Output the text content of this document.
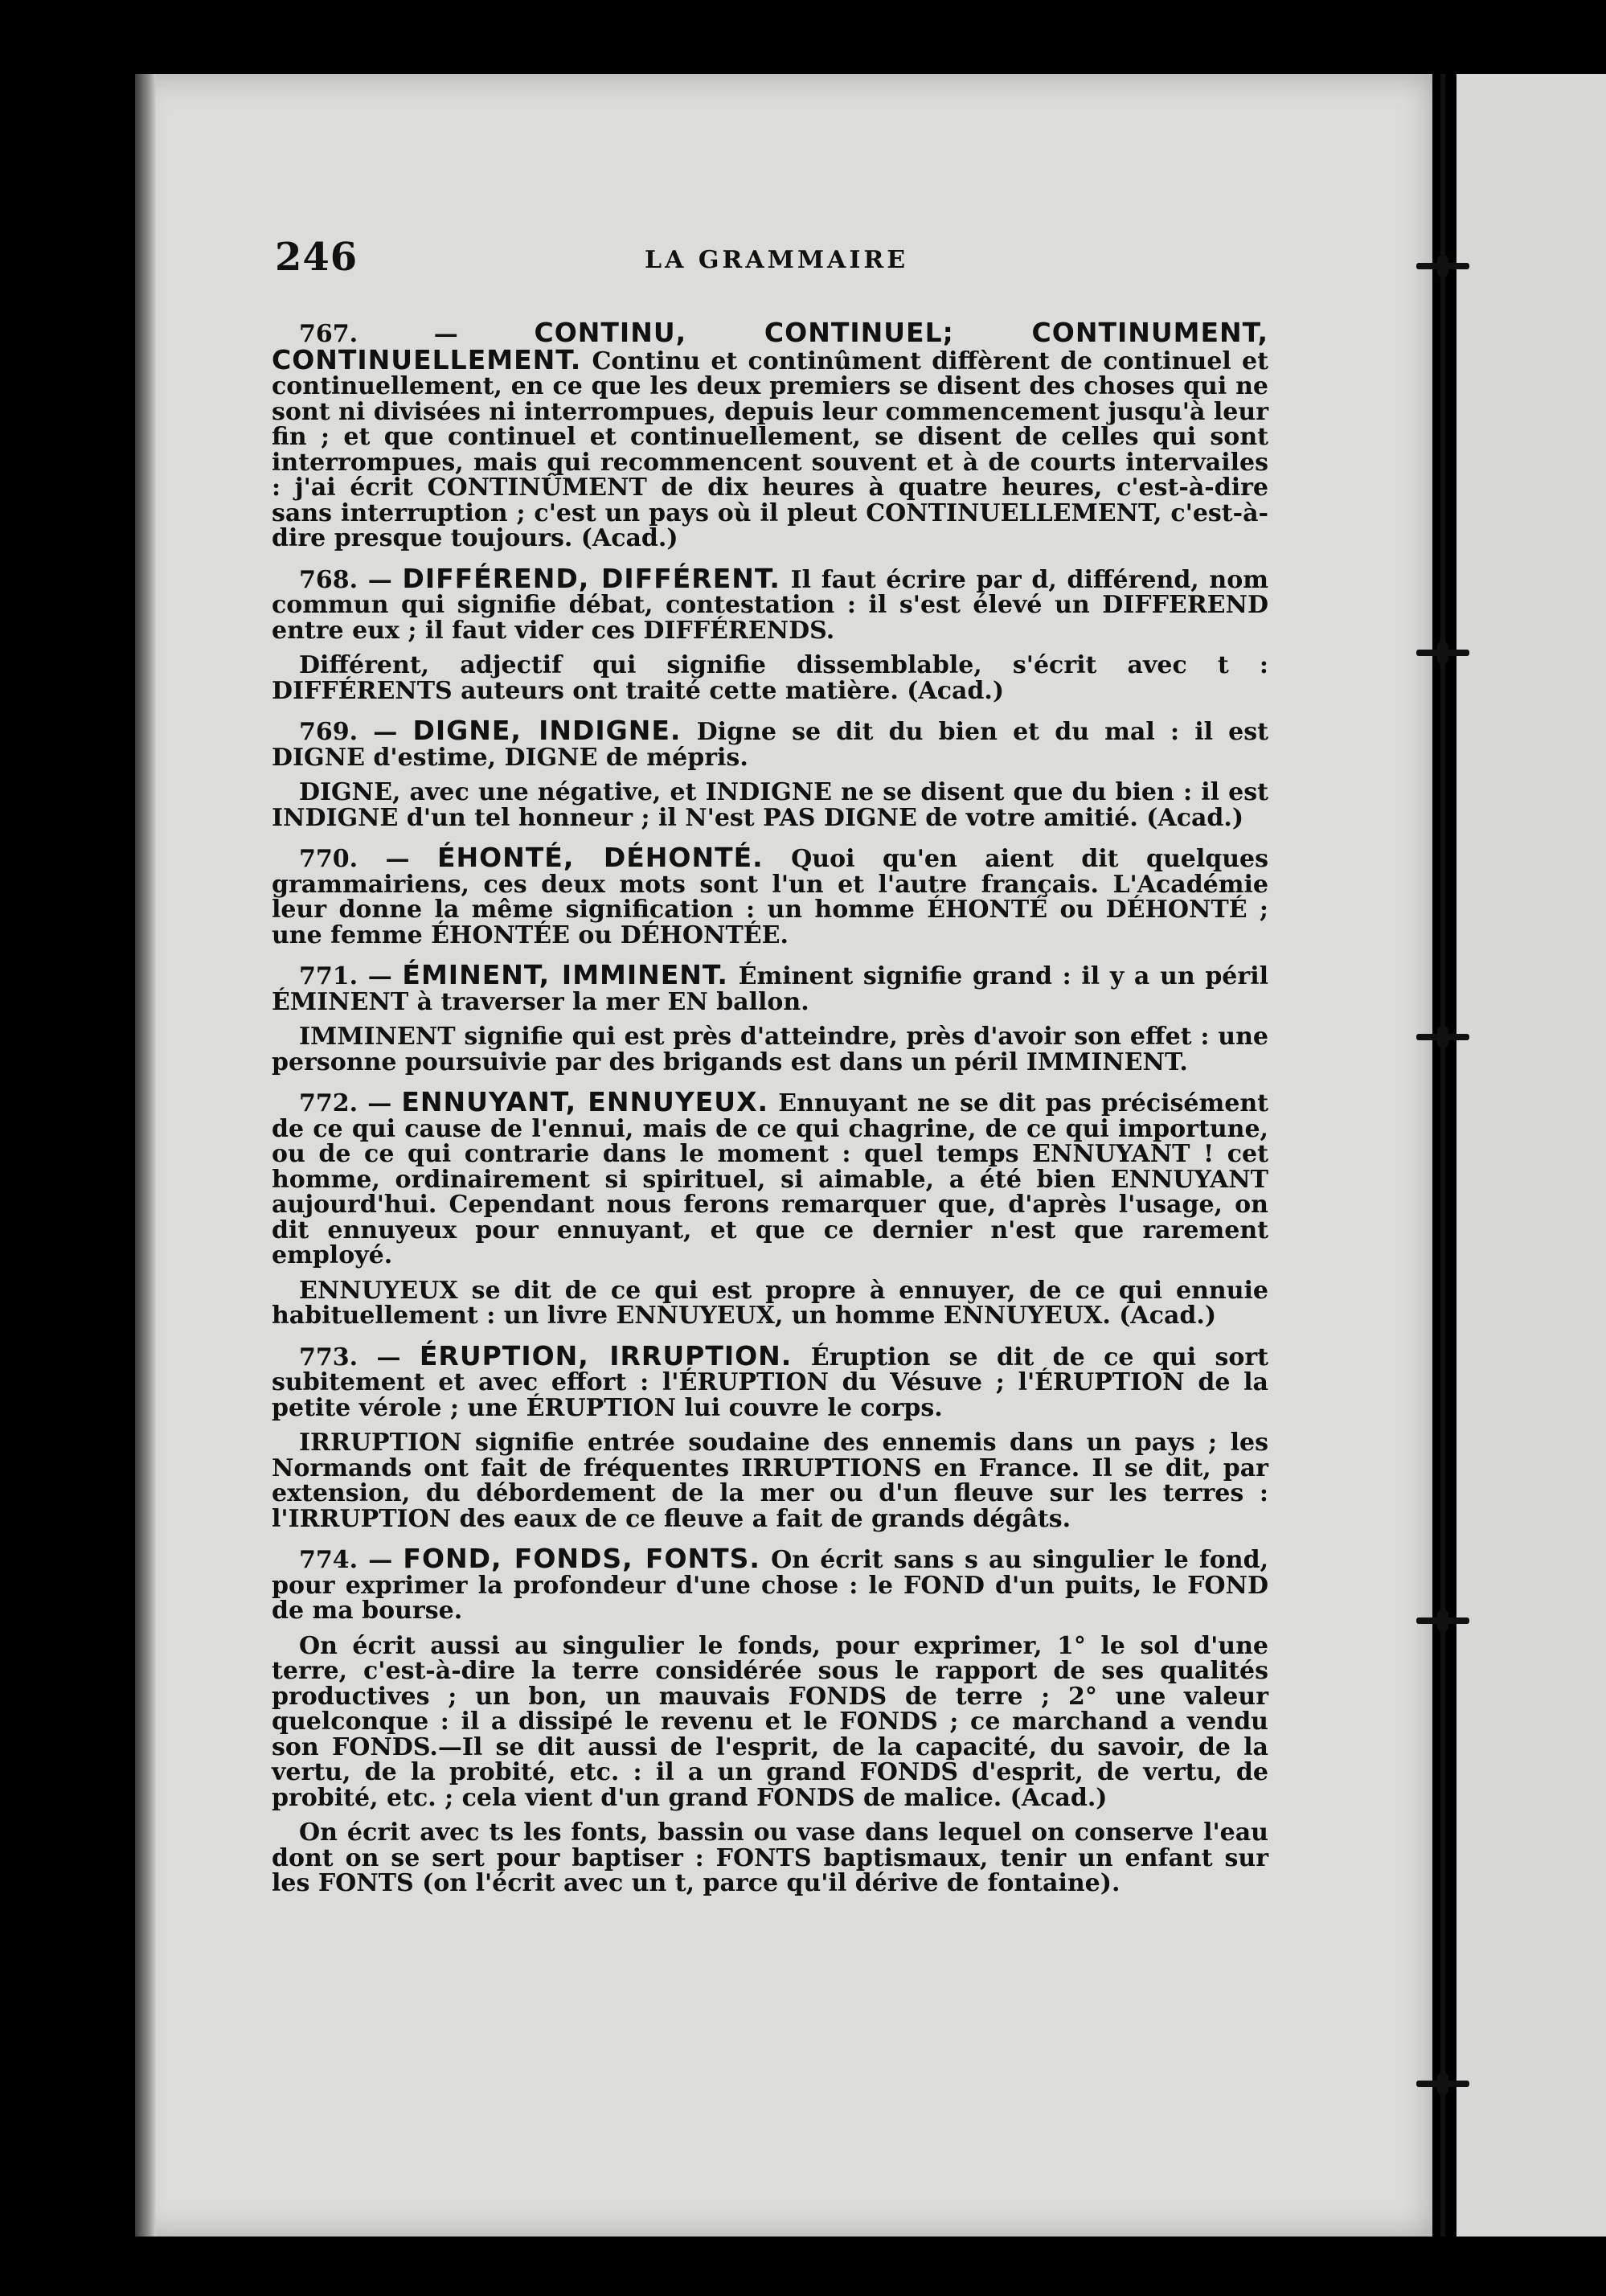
246	LA GRAMMAIRE

767. — CONTINU, CONTINUEL; CONTINUMENT, CONTINUELLEMENT. Continu et continûment diffèrent de continuel et continuellement, en ce que les deux premiers se disent des choses qui ne sont ni divisées ni interrompues, depuis leur commencement jusqu'à leur fin ; et que continuel et continuellement, se disent de celles qui sont interrompues, mais qui recommencent souvent et à de courts intervailes : j'ai écrit CONTINÛMENT de dix heures à quatre heures, c'est-à-dire sans interruption ; c'est un pays où il pleut CONTINUELLEMENT, c'est-à-dire presque toujours. (Acad.)

768. — DIFFÉREND, DIFFÉRENT. Il faut écrire par d, différend, nom commun qui signifie débat, contestation : il s'est élevé un DIFFEREND entre eux ; il faut vider ces DIFFÉRENDS.

Différent, adjectif qui signifie dissemblable, s'écrit avec t : DIFFÉRENTS auteurs ont traité cette matière. (Acad.)

769. — DIGNE, INDIGNE. Digne se dit du bien et du mal : il est DIGNE d'estime, DIGNE de mépris.

DIGNE, avec une négative, et INDIGNE ne se disent que du bien : il est INDIGNE d'un tel honneur ; il N'est PAS DIGNE de votre amitié. (Acad.)

770. — ÉHONTÉ, DÉHONTÉ. Quoi qu'en aient dit quelques grammairiens, ces deux mots sont l'un et l'autre français. L'Académie leur donne la même signification : un homme ÉHONTÉ ou DÉHONTÉ ; une femme ÉHONTÉE ou DÉHONTÉE.

771. — ÉMINENT, IMMINENT. Éminent signifie grand : il y a un péril ÉMINENT à traverser la mer EN ballon.

IMMINENT signifie qui est près d'atteindre, près d'avoir son effet : une personne poursuivie par des brigands est dans un péril IMMINENT.

772. — ENNUYANT, ENNUYEUX. Ennuyant ne se dit pas précisément de ce qui cause de l'ennui, mais de ce qui chagrine, de ce qui importune, ou de ce qui contrarie dans le moment : quel temps ENNUYANT ! cet homme, ordinairement si spirituel, si aimable, a été bien ENNUYANT aujourd'hui. Cependant nous ferons remarquer que, d'après l'usage, on dit ennuyeux pour ennuyant, et que ce dernier n'est que rarement employé.

ENNUYEUX se dit de ce qui est propre à ennuyer, de ce qui ennuie habituellement : un livre ENNUYEUX, un homme ENNUYEUX. (Acad.)

773. — ÉRUPTION, IRRUPTION. Éruption se dit de ce qui sort subitement et avec effort : l'ÉRUPTION du Vésuve ; l'ÉRUPTION de la petite vérole ; une ÉRUPTION lui couvre le corps.

IRRUPTION signifie entrée soudaine des ennemis dans un pays ; les Normands ont fait de fréquentes IRRUPTIONS en France. Il se dit, par extension, du débordement de la mer ou d'un fleuve sur les terres : l'IRRUPTION des eaux de ce fleuve a fait de grands dégâts.

774. — FOND, FONDS, FONTS. On écrit sans s au singulier le fond, pour exprimer la profondeur d'une chose : le FOND d'un puits, le FOND de ma bourse.

On écrit aussi au singulier le fonds, pour exprimer, 1° le sol d'une terre, c'est-à-dire la terre considérée sous le rapport de ses qualités productives ; un bon, un mauvais FONDS de terre ; 2° une valeur quelconque : il a dissipé le revenu et le FONDS ; ce marchand a vendu son FONDS.—Il se dit aussi de l'esprit, de la capacité, du savoir, de la vertu, de la probité, etc. : il a un grand FONDS d'esprit, de vertu, de probité, etc. ; cela vient d'un grand FONDS de malice. (Acad.)

On écrit avec ts les fonts, bassin ou vase dans lequel on conserve l'eau dont on se sert pour baptiser : FONTS baptismaux, tenir un enfant sur les FONTS (on l'écrit avec un t, parce qu'il dérive de fontaine).
